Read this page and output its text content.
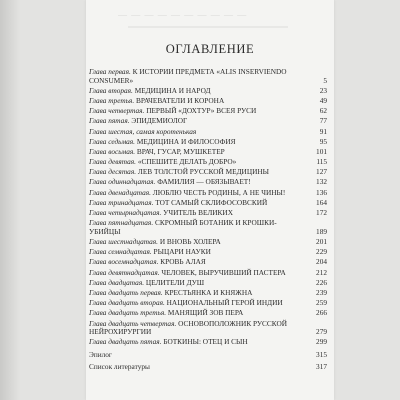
— — — — — — — — — —
ОГЛАВЛЕНИЕ
Глава первая. К ИСТОРИИ ПРЕДМЕТА «ALIS INSERVIENDO CONSUMER»	5
Глава вторая. МЕДИЦИНА И НАРОД	23
Глава третья. ВРАЧЕВАТЕЛИ И КОРОНА	49
Глава четвертая. ПЕРВЫЙ «ДОХТУР» ВСЕЯ РУСИ	62
Глава пятая. ЭПИДЕМИОЛОГ	77
Глава шестая, самая коротенькая	91
Глава седьмая. МЕДИЦИНА И ФИЛОСОФИЯ	95
Глава восьмая. ВРАЧ, ГУСАР, МУШКЕТЕР	101
Глава девятая. «СПЕШИТЕ ДЕЛАТЬ ДОБРО»	115
Глава десятая. ЛЕВ ТОЛСТОЙ РУССКОЙ МЕДИЦИНЫ	127
Глава одиннадцатая. ФАМИЛИЯ — ОБЯЗЫВАЕТ!	132
Глава двенадцатая. ЛЮБЛЮ ЧЕСТЬ РОДИНЫ, А НЕ ЧИНЫ!	136
Глава тринадцатая. ТОТ САМЫЙ СКЛИФОСОВСКИЙ	164
Глава четырнадцатая. УЧИТЕЛЬ ВЕЛИКИХ	172
Глава пятнадцатая. СКРОМНЫЙ БОТАНИК И КРОШКИ-УБИЙЦЫ	189
Глава шестнадцатая. И ВНОВЬ ХОЛЕРА	201
Глава семнадцатая. РЫЦАРИ НАУКИ	229
Глава восемнадцатая. КРОВЬ АЛАЯ	204
Глава девятнадцатая. ЧЕЛОВЕК, ВЫРУЧИВШИЙ ПАСТЕРА	212
Глава двадцатая. ЦЕЛИТЕЛИ ДУШ	226
Глава двадцать первая. КРЕСТЬЯНКА И КНЯЖНА	239
Глава двадцать вторая. НАЦИОНАЛЬНЫЙ ГЕРОЙ ИНДИИ	259
Глава двадцать третья. МАНЯЩИЙ ЗОВ ПЕРА	266
Глава двадцать четвертая. ОСНОВОПОЛОЖНИК РУССКОЙ НЕЙРОХИРУРГИИ	279
Глава двадцать пятая. БОТКИНЫ: ОТЕЦ И СЫН	299
Эпилог	315
Список литературы	317
